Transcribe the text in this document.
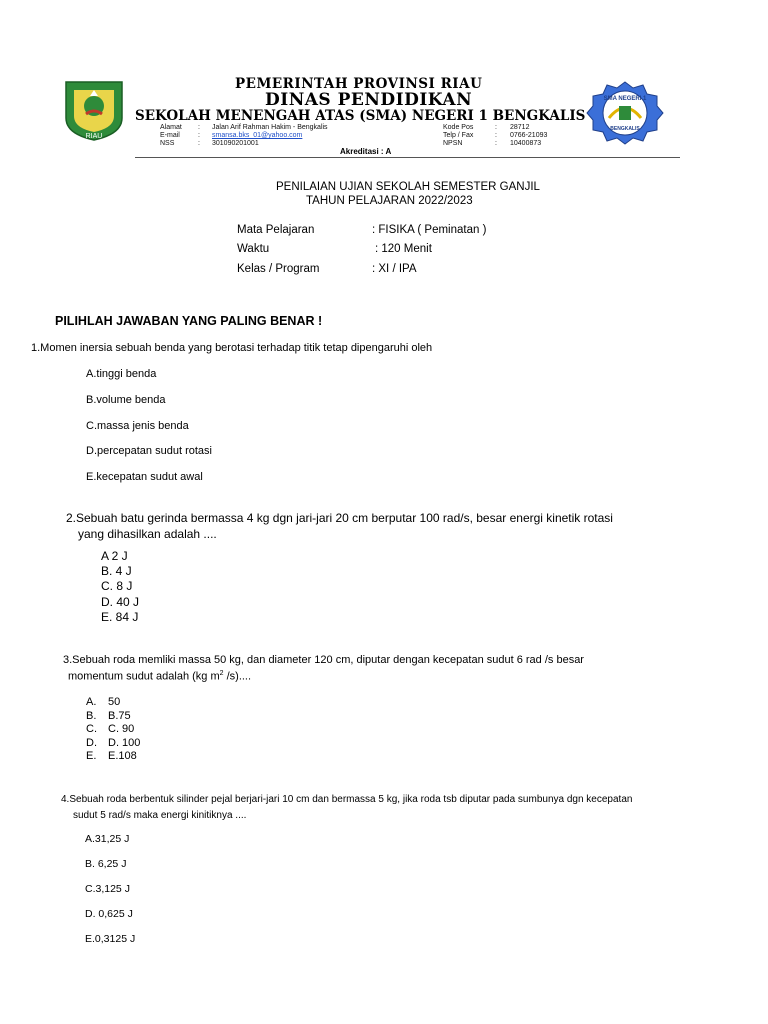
RIAU
PEMERINTAH PROVINSI RIAU
DINAS PENDIDIKAN
SEKOLAH MENENGAH ATAS (SMA) NEGERI 1 BENGKALIS
Alamat : Jalan Arif Rahman Hakim - Bengkalis
E-mail	: smansa.bks_01@yahoo.com
NSS	: 301090201001
Kode Pos	: 28712
Telp / Fax	: 0766-21093
NPSN	: 10400873
Akreditasi : A
SMA NEGERI 1
BENGKALIS
PENILAIAN UJIAN SEKOLAH SEMESTER GANJIL
TAHUN PELAJARAN 2022/2023
Mata Pelajaran	: FISIKA ( Peminatan )
Waktu	: 120 Menit
Kelas / Program	: XI / IPA
PILIHLAH JAWABAN YANG PALING BENAR !
1.Momen inersia sebuah benda yang berotasi terhadap titik tetap dipengaruhi oleh
A.tinggi benda
B.volume benda
C.massa jenis benda
D.percepatan sudut rotasi
E.kecepatan sudut awal
2.Sebuah batu gerinda bermassa 4 kg dgn jari-jari 20 cm berputar 100 rad/s, besar energi kinetik rotasi
yang dihasilkan adalah ....
A 2 J
B. 4 J
C. 8 J
D. 40 J
E. 84 J
3.Sebuah roda memliki massa 50 kg, dan diameter 120 cm, diputar dengan kecepatan sudut 6 rad /s besar
momentum sudut adalah (kg $m^2$ /s)....
A. 50
B. B.75
C. C. 90
D. D. 100
E. E.108
4.Sebuah roda berbentuk silinder pejal berjari-jari 10 cm dan bermassa 5 kg, jika roda tsb diputar pada sumbunya dgn kecepatan
sudut 5 rad/s maka energi kinitiknya ....
A.31,25 J
B. 6,25 J
C.3,125 J
D. 0,625 J
E.0,3125 J
